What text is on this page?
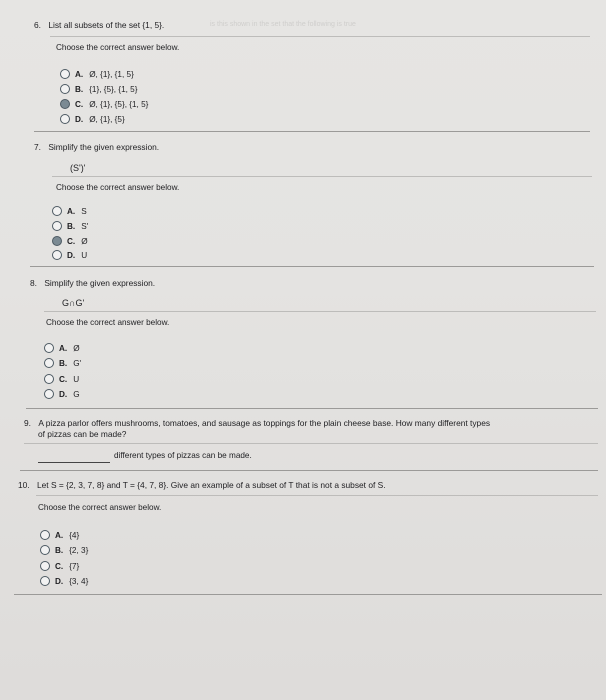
6. List all subsets of the set {1, 5}.
Choose the correct answer below.
A. Ø, {1}, {1, 5}
B. {1}, {5}, {1, 5}
C. Ø, {1}, {5}, {1, 5}
D. Ø, {1}, {5}
is this shown in the set that the following is true
7. Simplify the given expression.
(S')'
Choose the correct answer below.
A. S
B. S'
C. Ø
D. U
8. Simplify the given expression.
G∩G'
Choose the correct answer below.
A. Ø
B. G'
C. U
D. G
9. A pizza parlor offers mushrooms, tomatoes, and sausage as toppings for the plain cheese base. How many different types
of pizzas can be made?
different types of pizzas can be made.
10. Let S = {2, 3, 7, 8} and T = {4, 7, 8}. Give an example of a subset of T that is not a subset of S.
Choose the correct answer below.
A. {4}
B. {2, 3}
C. {7}
D. {3, 4}
